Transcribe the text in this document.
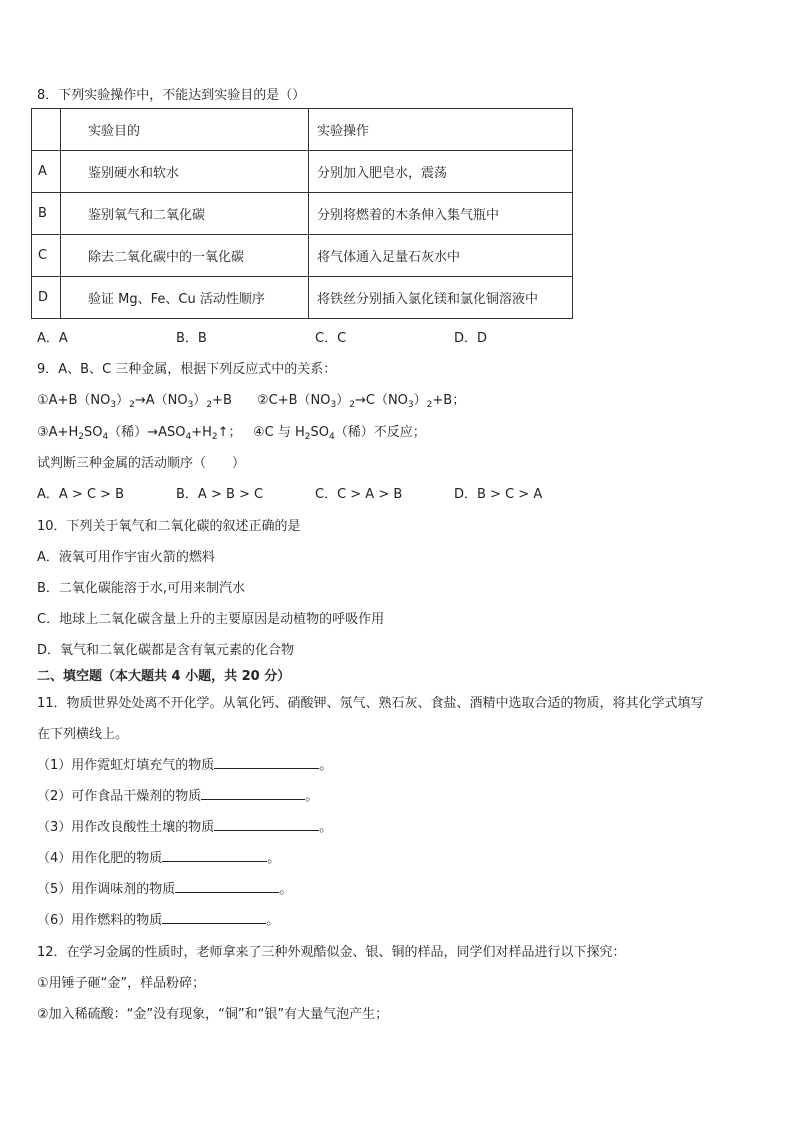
8．下列实验操作中，不能达到实验目的是（）
	实验目的	实验操作
A	鉴别硬水和软水	分别加入肥皂水，震荡
B	鉴别氧气和二氧化碳	分别将燃着的木条伸入集气瓶中
C	除去二氧化碳中的一氧化碳	将气体通入足量石灰水中
D	验证 Mg、Fe、Cu 活动性顺序	将铁丝分别插入氯化镁和氯化铜溶液中
A．A	B．B	C．C	D．D
9．A、B、C 三种金属，根据下列反应式中的关系：
$①A+B(NO_3)_2\to A(NO_3)_2+B$ $②C+B(NO_3)_2\to C(NO_3)_2+B$；
$③A+H_2SO_4$（稀）$\to ASO_4+H_2↑$； ④C 与 $H_2SO_4$（稀）不反应；
试判断三种金属的活动顺序（　　）
A．A > C > B	B．A > B > C	C．C > A > B	D．B > C > A
10．下列关于氧气和二氧化碳的叙述正确的是
A．液氧可用作宇宙火箭的燃料
B．二氧化碳能溶于水,可用来制汽水
C．地球上二氧化碳含量上升的主要原因是动植物的呼吸作用
D．氧气和二氧化碳都是含有氧元素的化合物
二、填空题（本大题共 4 小题，共 20 分）
11．物质世界处处离不开化学。从氧化钙、硝酸钾、氖气、熟石灰、食盐、酒精中选取合适的物质，将其化学式填写
在下列横线上。
（1）用作霓虹灯填充气的物质	。
（2）可作食品干燥剂的物质	。
（3）用作改良酸性土壤的物质	。
（4）用作化肥的物质	。
（5）用作调味剂的物质	。
（6）用作燃料的物质	。
12．在学习金属的性质时，老师拿来了三种外观酷似金、银、铜的样品，同学们对样品进行以下探究：
①用锤子砸“金”，样品粉碎；
②加入稀硫酸：“金”没有现象，“铜”和“银”有大量气泡产生；
